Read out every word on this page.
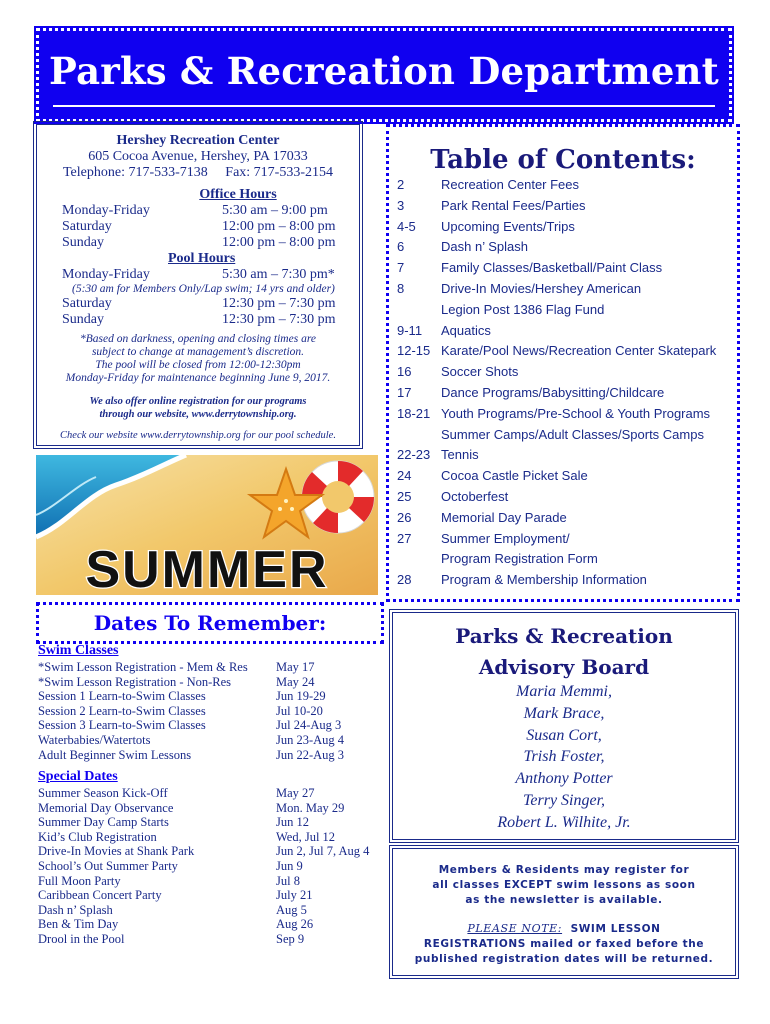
Parks & Recreation Department
Hershey Recreation Center
605 Cocoa Avenue, Hershey, PA 17033
Telephone: 717-533-7138     Fax: 717-533-2154
Office Hours
Monday-Friday	5:30 am – 9:00 pm
Saturday	12:00 pm – 8:00 pm
Sunday	12:00 pm – 8:00 pm
Pool Hours
Monday-Friday	5:30 am – 7:30 pm*
(5:30 am for Members Only/Lap swim; 14 yrs and older)
Saturday	12:30 pm – 7:30 pm
Sunday	12:30 pm – 7:30 pm
*Based on darkness, opening and closing times are
subject to change at management’s discretion.
The pool will be closed from 12:00-12:30pm
Monday-Friday for maintenance beginning June 9, 2017.
We also offer online registration for our programs
through our website, www.derrytownship.org.
Check our website www.derrytownship.org for our pool schedule.
SUMMER
Table of Contents:
2	Recreation Center Fees
3	Park Rental Fees/Parties
4-5 Upcoming Events/Trips
6	Dash n’ Splash
7	Family Classes/Basketball/Paint Class
8	Drive-In Movies/Hershey American
Legion Post 1386 Flag Fund
9-11 Aquatics
12-15 Karate/Pool News/Recreation Center Skatepark
16 Soccer Shots
17 Dance Programs/Babysitting/Childcare
18-21 Youth Programs/Pre-School & Youth Programs
Summer Camps/Adult Classes/Sports Camps
22-23 Tennis
24 Cocoa Castle Picket Sale
25 Octoberfest
26 Memorial Day Parade
27 Summer Employment/
Program Registration Form
28 Program & Membership Information
Dates To Remember:
Swim Classes
*Swim Lesson Registration - Mem & Res May 17
*Swim Lesson Registration - Non-Res	May 24
Session 1 Learn-to-Swim Classes	Jun 19-29
Session 2 Learn-to-Swim Classes	Jul 10-20
Session 3 Learn-to-Swim Classes	Jul 24-Aug 3
Waterbabies/Watertots	Jun 23-Aug 4
Adult Beginner Swim Lessons	Jun 22-Aug 3
Special Dates
Summer Season Kick-Off	May 27
Memorial Day Observance	Mon. May 29
Summer Day Camp Starts	Jun 12
Kid’s Club Registration	Wed, Jul 12
Drive-In Movies at Shank Park	Jun 2, Jul 7, Aug 4
School’s Out Summer Party	Jun 9
Full Moon Party	Jul 8
Caribbean Concert Party	July 21
Dash n’ Splash	Aug 5
Ben & Tim Day	Aug 26
Drool in the Pool	Sep 9
Parks & Recreation
Advisory Board
Maria Memmi,
Mark Brace,
Susan Cort,
Trish Foster,
Anthony Potter
Terry Singer,
Robert L. Wilhite, Jr.
Members & Residents may register for
all classes EXCEPT swim lessons as soon
as the newsletter is available.
PLEASE NOTE:  SWIM LESSON
REGISTRATIONS mailed or faxed before the
published registration dates will be returned.
